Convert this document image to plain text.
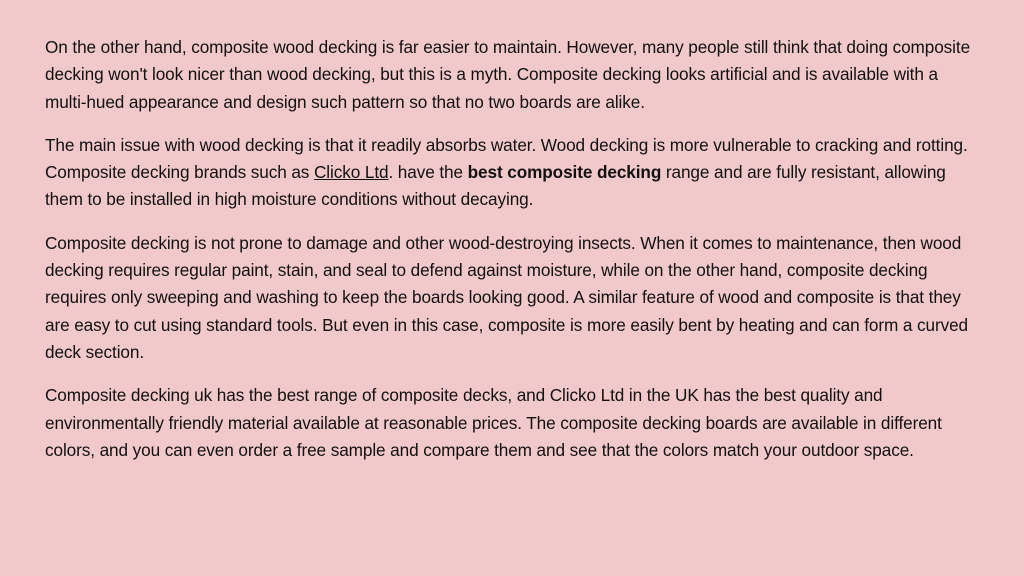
On the other hand, composite wood decking is far easier to maintain. However, many people still think that doing composite decking won't look nicer than wood decking, but this is a myth. Composite decking looks artificial and is available with a multi-hued appearance and design such pattern so that no two boards are alike.

The main issue with wood decking is that it readily absorbs water. Wood decking is more vulnerable to cracking and rotting. Composite decking brands such as Clicko Ltd. have the best composite decking range and are fully resistant, allowing them to be installed in high moisture conditions without decaying.

Composite decking is not prone to damage and other wood-destroying insects. When it comes to maintenance, then wood decking requires regular paint, stain, and seal to defend against moisture, while on the other hand, composite decking requires only sweeping and washing to keep the boards looking good. A similar feature of wood and composite is that they are easy to cut using standard tools. But even in this case, composite is more easily bent by heating and can form a curved deck section.

Composite decking uk has the best range of composite decks, and Clicko Ltd in the UK has the best quality and environmentally friendly material available at reasonable prices. The composite decking boards are available in different colors, and you can even order a free sample and compare them and see that the colors match your outdoor space.
